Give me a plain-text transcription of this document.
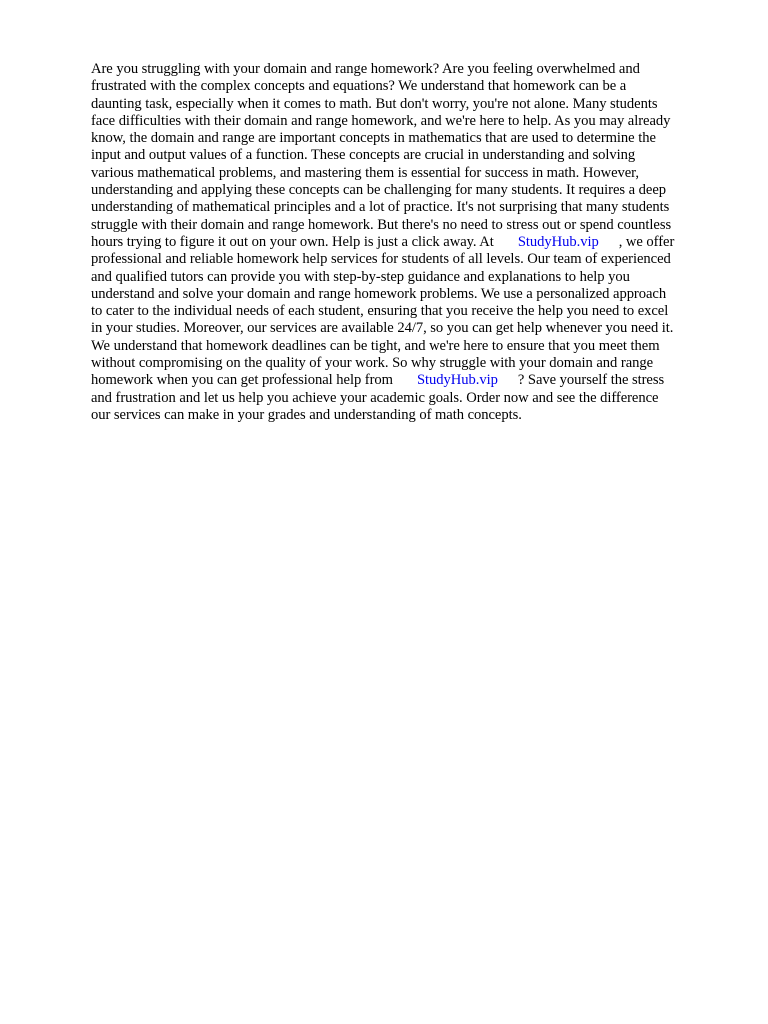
Are you struggling with your domain and range homework? Are you feeling overwhelmed and
frustrated with the complex concepts and equations? We understand that homework can be a
daunting task, especially when it comes to math. But don't worry, you're not alone. Many students
face difficulties with their domain and range homework, and we're here to help. As you may already
know, the domain and range are important concepts in mathematics that are used to determine the
input and output values of a function. These concepts are crucial in understanding and solving
various mathematical problems, and mastering them is essential for success in math. However,
understanding and applying these concepts can be challenging for many students. It requires a deep
understanding of mathematical principles and a lot of practice. It's not surprising that many students
struggle with their domain and range homework. But there's no need to stress out or spend countless
hours trying to figure it out on your own. Help is just a click away. At StudyHub.vip , we offer
professional and reliable homework help services for students of all levels. Our team of experienced
and qualified tutors can provide you with step-by-step guidance and explanations to help you
understand and solve your domain and range homework problems. We use a personalized approach
to cater to the individual needs of each student, ensuring that you receive the help you need to excel
in your studies. Moreover, our services are available 24/7, so you can get help whenever you need it.
We understand that homework deadlines can be tight, and we're here to ensure that you meet them
without compromising on the quality of your work. So why struggle with your domain and range
homework when you can get professional help from StudyHub.vip ? Save yourself the stress
and frustration and let us help you achieve your academic goals. Order now and see the difference
our services can make in your grades and understanding of math concepts.
